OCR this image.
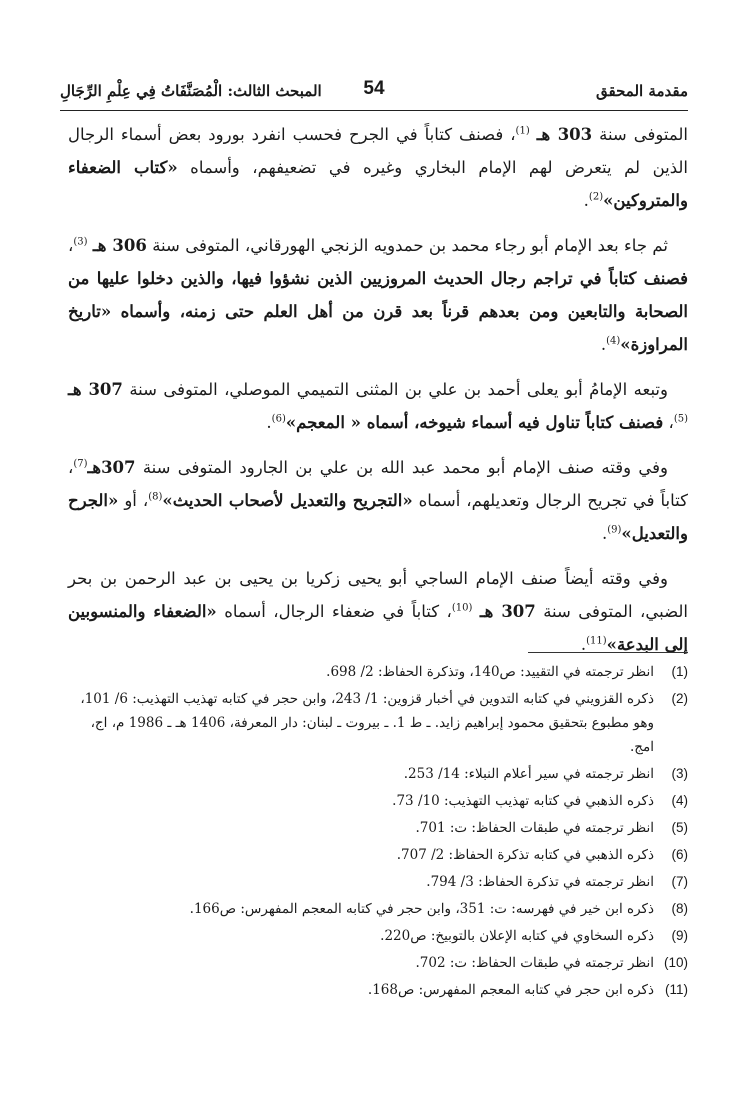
مقدمة المحقق
54
المبحث الثالث: الْمُصَنَّفَاتُ فِي عِلْمِ الرِّجَالِ

المتوفى سنة 303 هـ $^{(1)}$، فصنف كتاباً في الجرح فحسب انفرد بورود بعض أسماء الرجال الذين لم يتعرض لهم الإمام البخاري وغيره في تضعيفهم، وأسماه «كتاب الضعفاء والمتروكين»$^{(2)}$.

ثم جاء بعد الإمام أبو رجاء محمد بن حمدويه الزنجي الهورقاني، المتوفى سنة 306 هـ $^{(3)}$، فصنف كتاباً في تراجم رجال الحديث المروزيين الذين نشؤوا فيها، والذين دخلوا عليها من الصحابة والتابعين ومن بعدهم قرناً بعد قرن من أهل العلم حتى زمنه، وأسماه «تاريخ المراوزة»$^{(4)}$.

وتبعه الإمامُ أبو يعلى أحمد بن علي بن المثنى التميمي الموصلي، المتوفى سنة 307 هـ $^{(5)}$، فصنف كتاباً تناول فيه أسماء شيوخه، أسماه « المعجم»$^{(6)}$.

وفي وقته صنف الإمام أبو محمد عبد الله بن علي بن الجارود المتوفى سنة 307هـ$^{(7)}$، كتاباً في تجريح الرجال وتعديلهم، أسماه «التجريح والتعديل لأصحاب الحديث»$^{(8)}$، أو «الجرح والتعديل»$^{(9)}$.

وفي وقته أيضاً صنف الإمام الساجي أبو يحيى زكريا بن يحيى بن عبد الرحمن بن بحر الضبي، المتوفى سنة 307 هـ $^{(10)}$، كتاباً في ضعفاء الرجال، أسماه «الضعفاء والمنسوبين إلى البدعة»$^{(11)}$.

(1)
انظر ترجمته في التقييد: ص140، وتذكرة الحفاظ: 2/ 698.
(2)
ذكره القزويني في كتابه التدوين في أخبار قزوين: 1/ 243، وابن حجر في كتابه تهذيب التهذيب: 6/ 101، وهو مطبوع بتحقيق محمود إبراهيم زايد. ـ ط 1. ـ بيروت ـ لبنان: دار المعرفة، 1406 هـ ـ 1986 م، اج، امج.
(3)
انظر ترجمته في سير أعلام النبلاء: 14/ 253.
(4)
ذكره الذهبي في كتابه تهذيب التهذيب: 10/ 73.
(5)
انظر ترجمته في طبقات الحفاظ: ت: 701.
(6)
ذكره الذهبي في كتابه تذكرة الحفاظ: 2/ 707.
(7)
انظر ترجمته في تذكرة الحفاظ: 3/ 794.
(8)
ذكره ابن خير في فهرسه: ت: 351، وابن حجر في كتابه المعجم المفهرس: ص166.
(9)
ذكره السخاوي في كتابه الإعلان بالتوبيخ: ص220.
(10)
انظر ترجمته في طبقات الحفاظ: ت: 702.
(11)
ذكره ابن حجر في كتابه المعجم المفهرس: ص168.
